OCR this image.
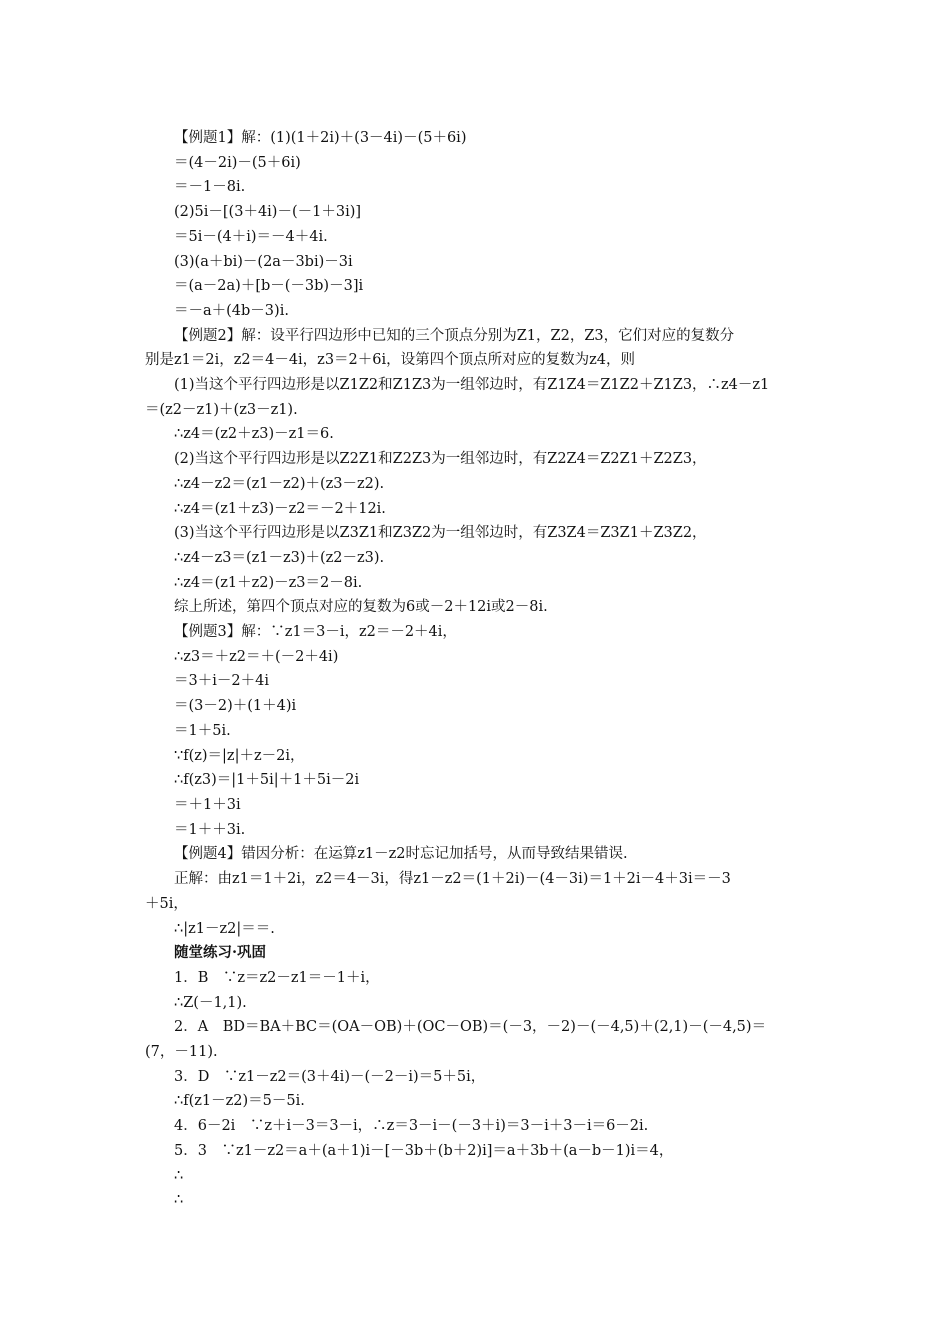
【例题1】解：(1)(1＋2i)＋(3－4i)－(5＋6i)
＝(4－2i)－(5＋6i)
＝－1－8i.
(2)5i－[(3＋4i)－(－1＋3i)]
＝5i－(4＋i)＝－4＋4i.
(3)(a＋bi)－(2a－3bi)－3i
＝(a－2a)＋[b－(－3b)－3]i
＝－a＋(4b－3)i.
【例题2】解：设平行四边形中已知的三个顶点分别为Z1，Z2，Z3，它们对应的复数分
别是z1＝2i，z2＝4－4i，z3＝2＋6i，设第四个顶点所对应的复数为z4，则
(1)当这个平行四边形是以Z1Z2和Z1Z3为一组邻边时，有Z1Z4＝Z1Z2＋Z1Z3，∴z4－z1
＝(z2－z1)＋(z3－z1).
∴z4＝(z2＋z3)－z1＝6.
(2)当这个平行四边形是以Z2Z1和Z2Z3为一组邻边时，有Z2Z4＝Z2Z1＋Z2Z3，
∴z4－z2＝(z1－z2)＋(z3－z2).
∴z4＝(z1＋z3)－z2＝－2＋12i.
(3)当这个平行四边形是以Z3Z1和Z3Z2为一组邻边时，有Z3Z4＝Z3Z1＋Z3Z2，
∴z4－z3＝(z1－z3)＋(z2－z3).
∴z4＝(z1＋z2)－z3＝2－8i.
综上所述，第四个顶点对应的复数为6或－2＋12i或2－8i.
【例题3】解：∵z1＝3－i，z2＝－2＋4i，
∴z3＝＋z2＝＋(－2＋4i)
＝3＋i－2＋4i
＝(3－2)＋(1＋4)i
＝1＋5i.
∵f(z)＝|z|＋z－2i，
∴f(z3)＝|1＋5i|＋1＋5i－2i
＝＋1＋3i
＝1＋＋3i.
【例题4】错因分析：在运算z1－z2时忘记加括号，从而导致结果错误.
正解：由z1＝1＋2i，z2＝4－3i，得z1－z2＝(1＋2i)－(4－3i)＝1＋2i－4＋3i＝－3
＋5i，
∴|z1－z2|＝＝.
随堂练习·巩固
1．B　∵z＝z2－z1＝－1＋i，
∴Z(－1,1).
2．A　BD＝BA＋BC＝(OA－OB)＋(OC－OB)＝(－3，－2)－(－4,5)＋(2,1)－(－4,5)＝
(7，－11).
3．D　∵z1－z2＝(3＋4i)－(－2－i)＝5＋5i，
∴f(z1－z2)＝5－5i.
4．6－2i　∵z＋i－3＝3－i，∴z＝3－i－(－3＋i)＝3－i＋3－i＝6－2i.
5．3　∵z1－z2＝a＋(a＋1)i－[－3b＋(b＋2)i]＝a＋3b＋(a－b－1)i＝4，
∴
∴
